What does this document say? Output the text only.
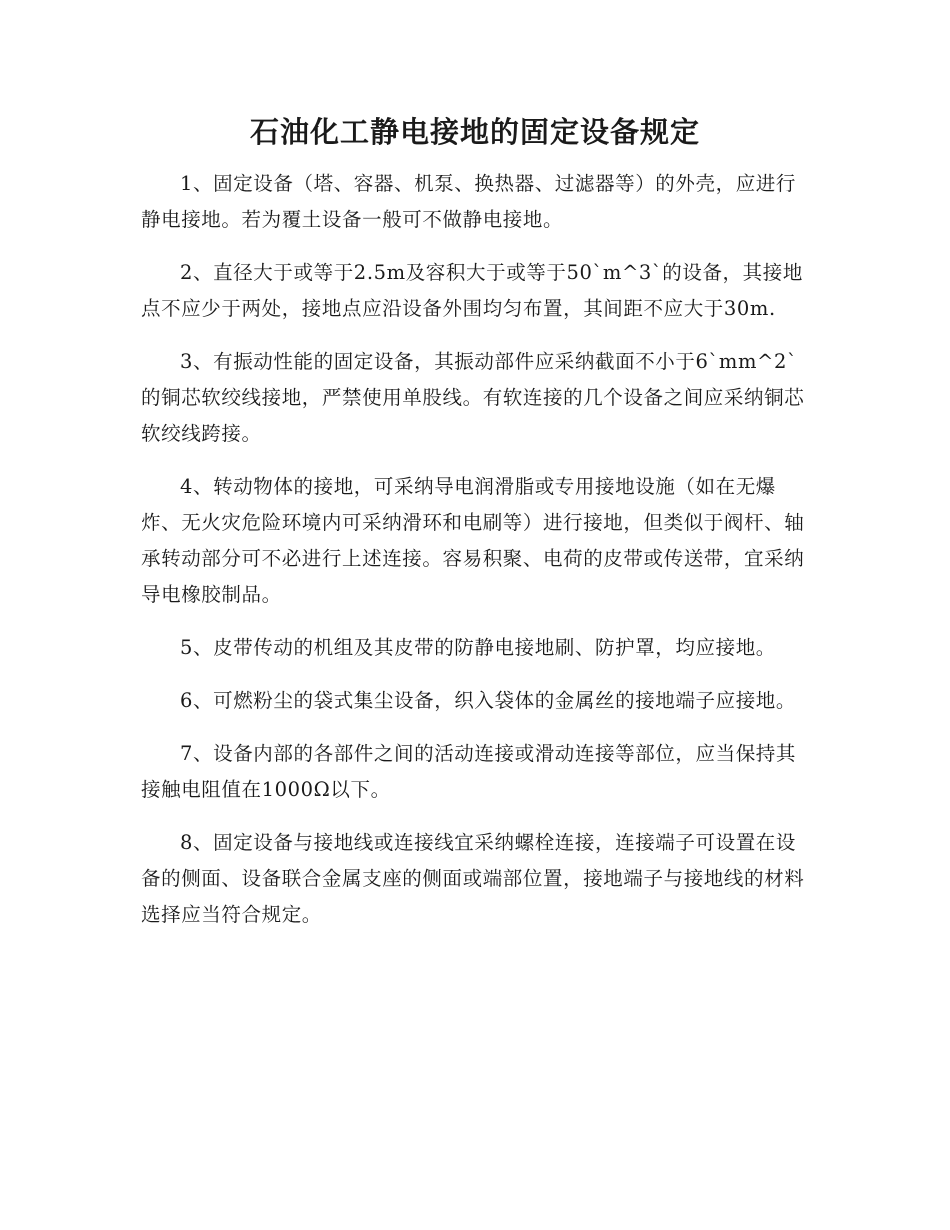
石油化工静电接地的固定设备规定

1、固定设备（塔、容器、机泵、换热器、过滤器等）的外壳，应进行静电接地。若为覆土设备一般可不做静电接地。

2、直径大于或等于2.5m及容积大于或等于50`m^3`的设备，其接地点不应少于两处，接地点应沿设备外围均匀布置，其间距不应大于30m.

3、有振动性能的固定设备，其振动部件应采纳截面不小于6`mm^2`的铜芯软绞线接地，严禁使用单股线。有软连接的几个设备之间应采纳铜芯软绞线跨接。

4、转动物体的接地，可采纳导电润滑脂或专用接地设施（如在无爆炸、无火灾危险环境内可采纳滑环和电刷等）进行接地，但类似于阀杆、轴承转动部分可不必进行上述连接。容易积聚、电荷的皮带或传送带，宜采纳导电橡胶制品。

5、皮带传动的机组及其皮带的防静电接地刷、防护罩，均应接地。

6、可燃粉尘的袋式集尘设备，织入袋体的金属丝的接地端子应接地。

7、设备内部的各部件之间的活动连接或滑动连接等部位，应当保持其接触电阻值在1000Ω以下。

8、固定设备与接地线或连接线宜采纳螺栓连接，连接端子可设置在设备的侧面、设备联合金属支座的侧面或端部位置，接地端子与接地线的材料选择应当符合规定。
